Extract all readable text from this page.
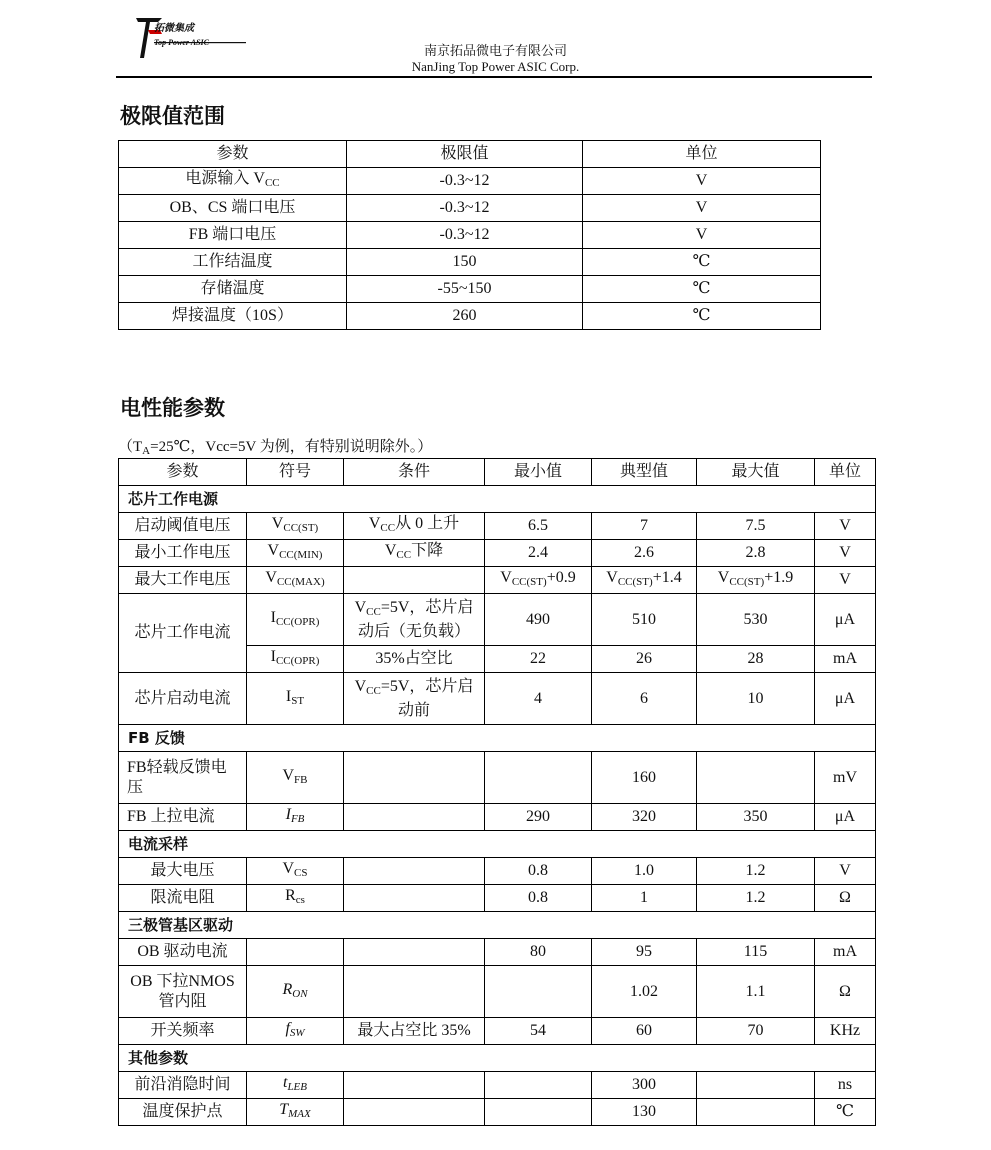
拓微集成
Top Power ASIC
南京拓品微电子有限公司
NanJing Top Power ASIC Corp.
极限值范围
参数	极限值	单位
电源输入 $V_{CC}$	-0.3~12	V
OB、CS 端口电压	-0.3~12	V
FB 端口电压	-0.3~12	V
工作结温度	150	℃
存储温度	-55~150	℃
焊接温度（10S）	260	℃
电性能参数
（$T_A=25℃$，Vcc=5V 为例，有特别说明除外。）
参数	符号	条件	最小值	典型值	最大值	单位
芯片工作电源						
启动阈值电压	$V_{CC(ST)}$	$V_{CC}$从 0 上升	6.5	7	7.5	V
最小工作电压	$V_{CC(MIN)}$	$V_{CC}$下降	2.4	2.6	2.8	V
最大工作电压	$V_{CC(MAX)}$		$V_{CC(ST)}+0.9$	$V_{CC(ST)}+1.4$	$V_{CC(ST)}+1.9$	V
芯片工作电流	$I_{CC(OPR)}$	$V_{CC}=5V$，芯片启动后（无负载）	490	510	530	μA
	$I_{CC(OPR)}$	35%占空比	22	26	28	mA
芯片启动电流	$I_{ST}$	$V_{CC}=5V$，芯片启动前	4	6	10	μA
FB 反馈						
FB轻载反馈电压	$V_{FB}$			160		mV
FB 上拉电流	$I_{FB}$		290	320	350	μA
电流采样						
最大电压	$V_{CS}$		0.8	1.0	1.2	V
限流电阻	$R_{cs}$		0.8	1	1.2	Ω
三极管基区驱动						
OB 驱动电流			80	95	115	mA
OB 下拉NMOS 管内阻	$R_{ON}$			1.02	1.1	Ω
开关频率	$f_{SW}$	最大占空比 35%	54	60	70	KHz
其他参数						
前沿消隐时间	$t_{LEB}$			300		ns
温度保护点	$T_{MAX}$			130		℃
